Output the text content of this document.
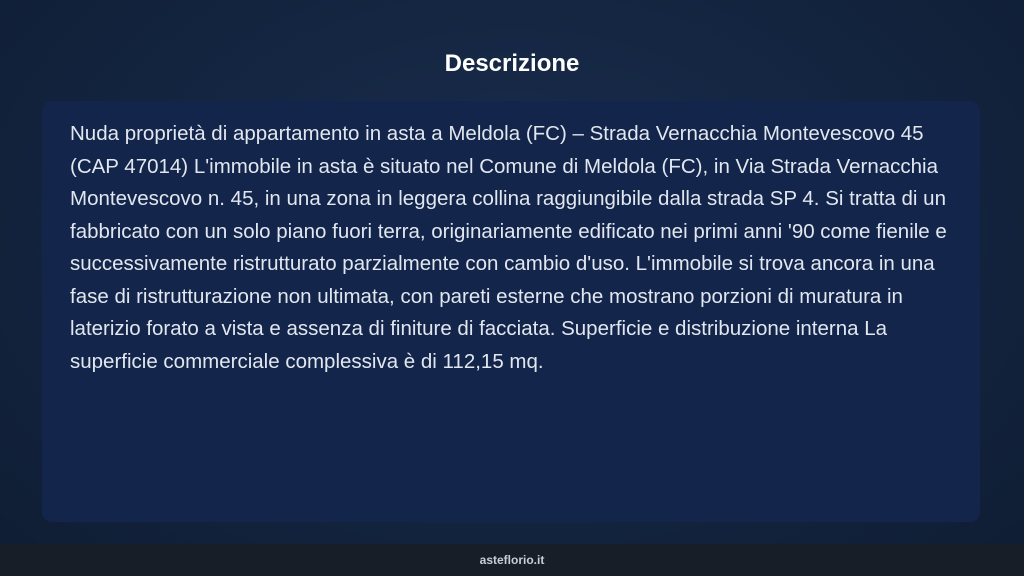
Descrizione

Nuda proprietà di appartamento in asta a Meldola (FC) – Strada Vernacchia Montevescovo 45 (CAP 47014) L'immobile in asta è situato nel Comune di Meldola (FC), in Via Strada Vernacchia Montevescovo n. 45, in una zona in leggera collina raggiungibile dalla strada SP 4. Si tratta di un fabbricato con un solo piano fuori terra, originariamente edificato nei primi anni '90 come fienile e successivamente ristrutturato parzialmente con cambio d'uso. L'immobile si trova ancora in una fase di ristrutturazione non ultimata, con pareti esterne che mostrano porzioni di muratura in laterizio forato a vista e assenza di finiture di facciata. Superficie e distribuzione interna La superficie commerciale complessiva è di 112,15 mq.

asteflorio.it
